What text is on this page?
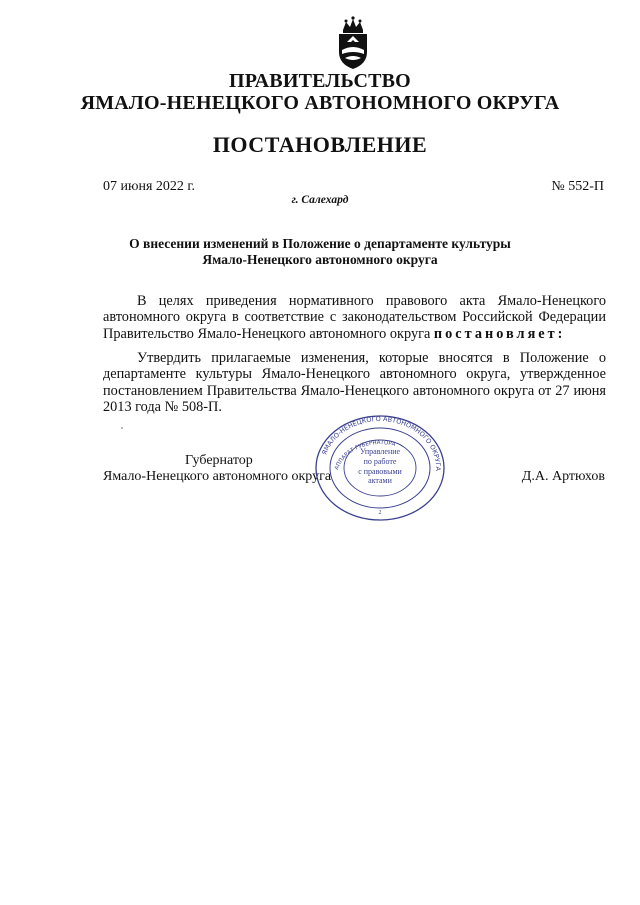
ПРАВИТЕЛЬСТВО
ЯМАЛО-НЕНЕЦКОГО АВТОНОМНОГО ОКРУГА
ПОСТАНОВЛЕНИЕ
07 июня 2022 г.	№ 552-П
г. Салехард
О внесении изменений в Положение о департаменте культуры
Ямало-Ненецкого автономного округа

В целях приведения нормативного правового акта Ямало-Ненецкого автономного округа в соответствие с законодательством Российской Федерации Правительство Ямало-Ненецкого автономного округа постановляет:

Утвердить прилагаемые изменения, которые вносятся в Положение о департаменте культуры Ямало-Ненецкого автономного округа, утвержденное постановлением Правительства Ямало-Ненецкого автономного округа от 27 июня 2013 года № 508-П.

Губернатор
Ямало-Ненецкого автономного округа	Д.А. Артюхов
ЯМАЛО-НЕНЕЦКОГО АВТОНОМНОГО ОКРУГА
АППАРАТ ГУБЕРНАТОРА
Управление
по работе
с правовыми
актами
2
